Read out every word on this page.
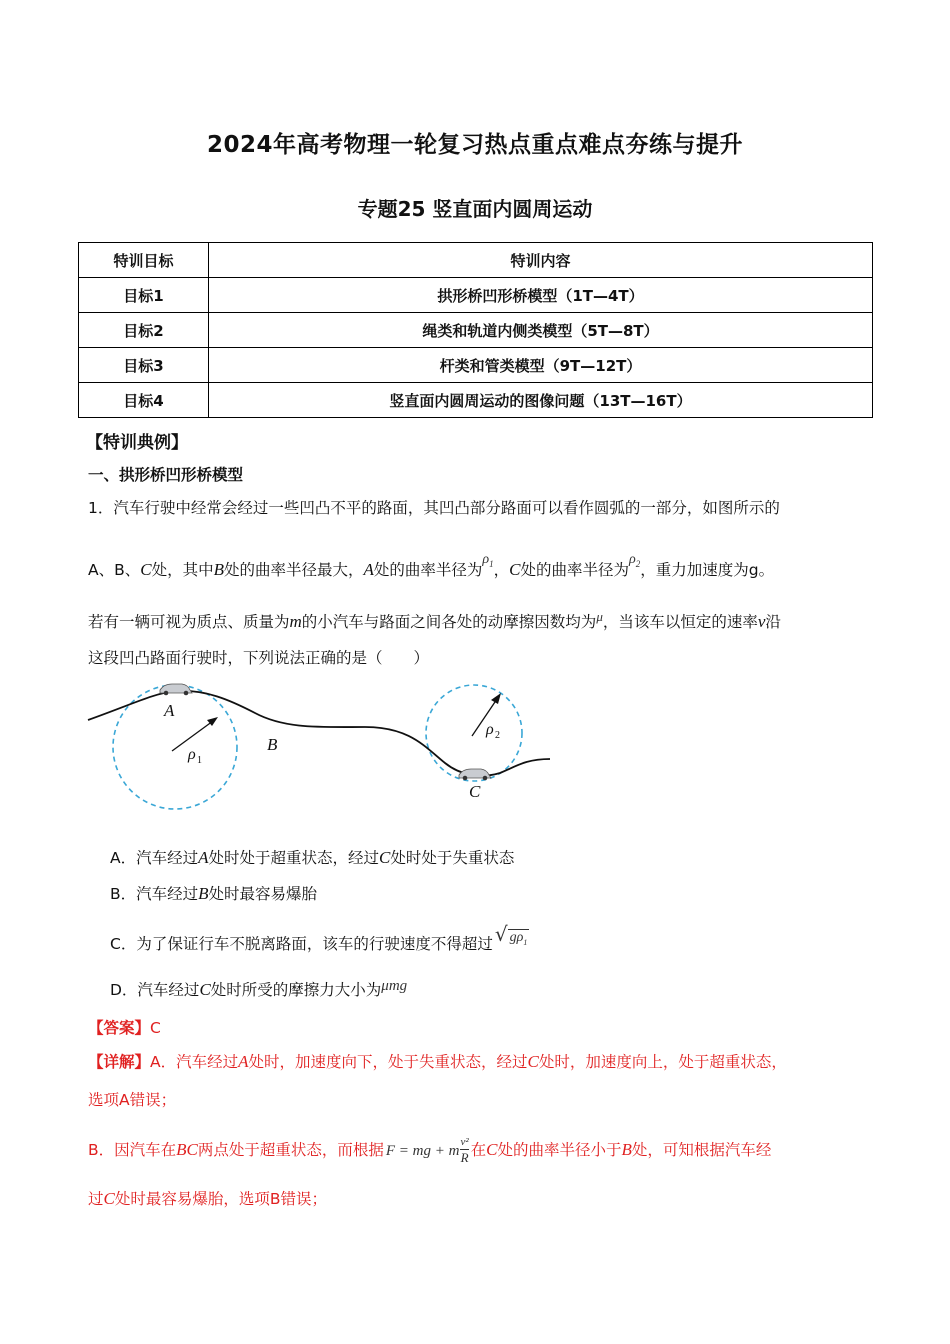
2024年高考物理一轮复习热点重点难点夯练与提升
专题25 竖直面内圆周运动
特训目标	特训内容
目标1	拱形桥凹形桥模型（1T—4T）
目标2	绳类和轨道内侧类模型（5T—8T）
目标3	杆类和管类模型（9T—12T）
目标4	竖直面内圆周运动的图像问题（13T—16T）
【特训典例】
一、拱形桥凹形桥模型
1．汽车行驶中经常会经过一些凹凸不平的路面，其凹凸部分路面可以看作圆弧的一部分，如图所示的
A、B、C处，其中B处的曲率半径最大，A处的曲率半径为$\rho_1$，C处的曲率半径为$\rho_2$，重力加速度为g。
若有一辆可视为质点、质量为m的小汽车与路面之间各处的动摩擦因数均为$^\mu$，当该车以恒定的速率v沿
这段凹凸路面行驶时，下列说法正确的是（　　）
A
B
C
ρ 1
ρ 2
A．汽车经过A处时处于超重状态，经过C处时处于失重状态
B．汽车经过B处时最容易爆胎
C．为了保证行车不脱离路面，该车的行驶速度不得超过 √ $g\rho_1$
D．汽车经过C处时所受的摩擦力大小为μmg
【答案】C
【详解】A．汽车经过A处时，加速度向下，处于失重状态，经过C处时，加速度向上，处于超重状态，
选项A错误；
B．因汽车在BC两点处于超重状态，而根据 F = mg + m
v²
R 在C处的曲率半径小于B处，可知根据汽车经
过C处时最容易爆胎，选项B错误；
